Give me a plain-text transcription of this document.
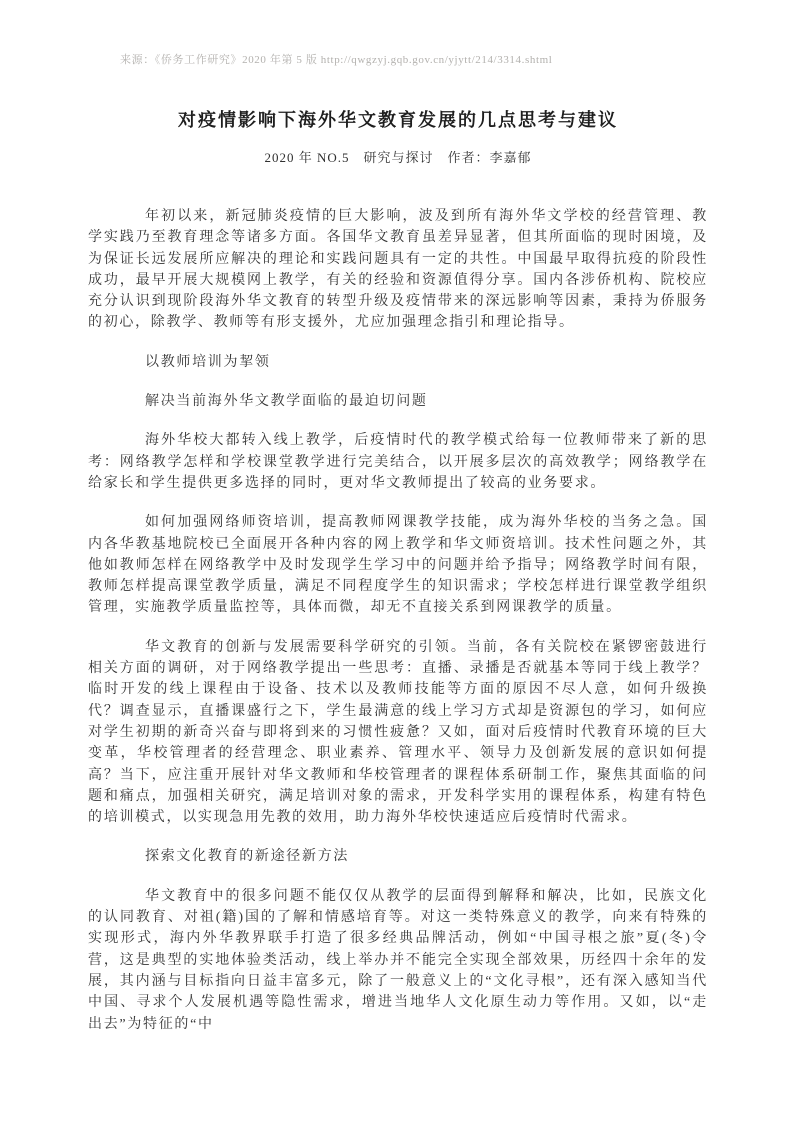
来源：《侨务工作研究》2020 年第 5 版 http://qwgzyj.gqb.gov.cn/yjytt/214/3314.shtml

对疫情影响下海外华文教育发展的几点思考与建议

2020 年 NO.5　研究与探讨　作者：李嘉郁

年初以来，新冠肺炎疫情的巨大影响，波及到所有海外华文学校的经营管理、教学实践乃至教育理念等诸多方面。各国华文教育虽差异显著，但其所面临的现时困境，及为保证长远发展所应解决的理论和实践问题具有一定的共性。中国最早取得抗疫的阶段性成功，最早开展大规模网上教学，有关的经验和资源值得分享。国内各涉侨机构、院校应充分认识到现阶段海外华文教育的转型升级及疫情带来的深远影响等因素，秉持为侨服务的初心，除教学、教师等有形支援外，尤应加强理念指引和理论指导。

以教师培训为挈领

解决当前海外华文教学面临的最迫切问题

海外华校大都转入线上教学，后疫情时代的教学模式给每一位教师带来了新的思考：网络教学怎样和学校课堂教学进行完美结合，以开展多层次的高效教学；网络教学在给家长和学生提供更多选择的同时，更对华文教师提出了较高的业务要求。

如何加强网络师资培训，提高教师网课教学技能，成为海外华校的当务之急。国内各华教基地院校已全面展开各种内容的网上教学和华文师资培训。技术性问题之外，其他如教师怎样在网络教学中及时发现学生学习中的问题并给予指导；网络教学时间有限，教师怎样提高课堂教学质量，满足不同程度学生的知识需求；学校怎样进行课堂教学组织管理，实施教学质量监控等，具体而微，却无不直接关系到网课教学的质量。

华文教育的创新与发展需要科学研究的引领。当前，各有关院校在紧锣密鼓进行相关方面的调研，对于网络教学提出一些思考：直播、录播是否就基本等同于线上教学？临时开发的线上课程由于设备、技术以及教师技能等方面的原因不尽人意，如何升级换代？调查显示，直播课盛行之下，学生最满意的线上学习方式却是资源包的学习，如何应对学生初期的新奇兴奋与即将到来的习惯性疲惫？又如，面对后疫情时代教育环境的巨大变革，华校管理者的经营理念、职业素养、管理水平、领导力及创新发展的意识如何提高？当下，应注重开展针对华文教师和华校管理者的课程体系研制工作，聚焦其面临的问题和痛点，加强相关研究，满足培训对象的需求，开发科学实用的课程体系，构建有特色的培训模式，以实现急用先教的效用，助力海外华校快速适应后疫情时代需求。

探索文化教育的新途径新方法

华文教育中的很多问题不能仅仅从教学的层面得到解释和解决，比如，民族文化的认同教育、对祖(籍)国的了解和情感培育等。对这一类特殊意义的教学，向来有特殊的实现形式，海内外华教界联手打造了很多经典品牌活动，例如“中国寻根之旅”夏(冬)令营，这是典型的实地体验类活动，线上举办并不能完全实现全部效果，历经四十余年的发展，其内涵与目标指向日益丰富多元，除了一般意义上的“文化寻根”，还有深入感知当代中国、寻求个人发展机遇等隐性需求，增进当地华人文化原生动力等作用。又如，以“走出去”为特征的“中
